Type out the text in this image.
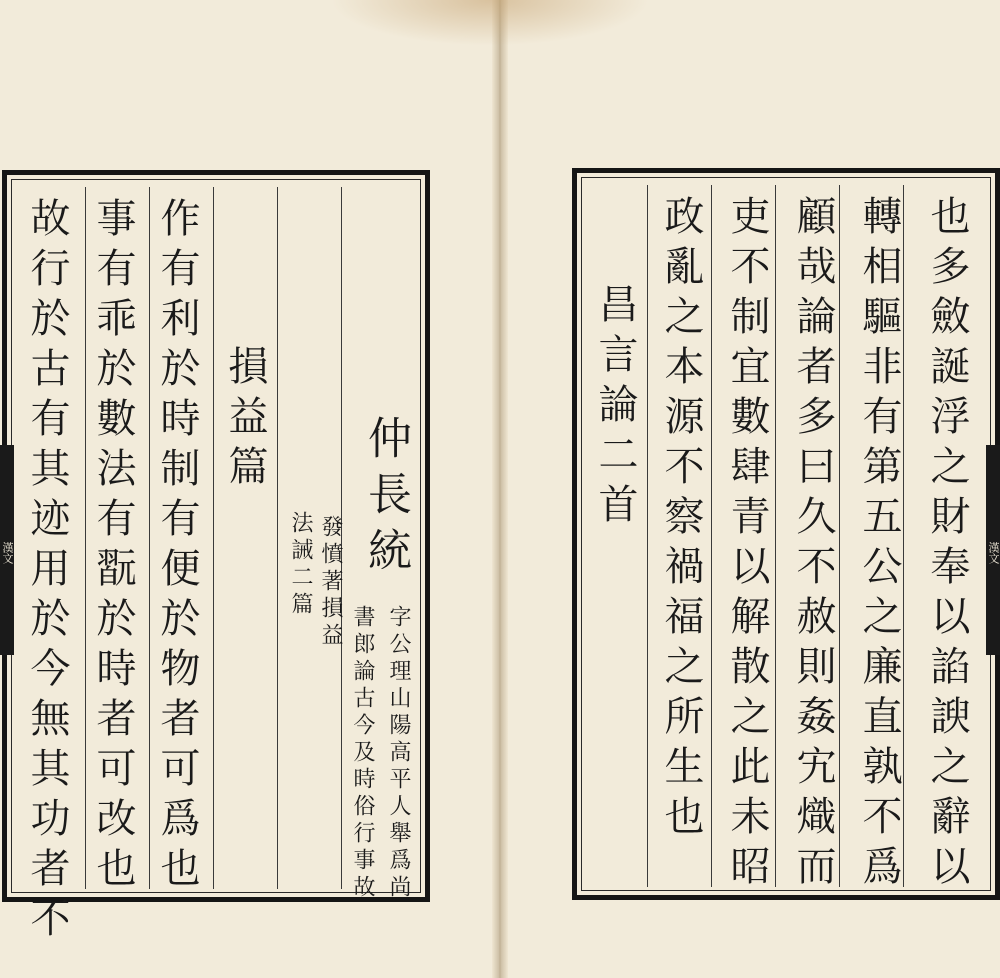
故行於古有其迹用於今無其功者不 事有乖於數法有翫於時者可改也 作有利於時制有便於物者可爲也 損益篇
法誡二篇 發憤著損益
書郎論古今及時俗行事故
仲長統
字公理山陽高平人舉爲尚
漢文	也多斂誕浮之財奉以諂諛之辭以
轉相驅非有第五公之廉直孰不爲
顧哉論者多曰久不赦則姦宄熾而
吏不制宜數肆青以解散之此未昭
政亂之本源不察禍福之所生也
昌言論二首
漢文
